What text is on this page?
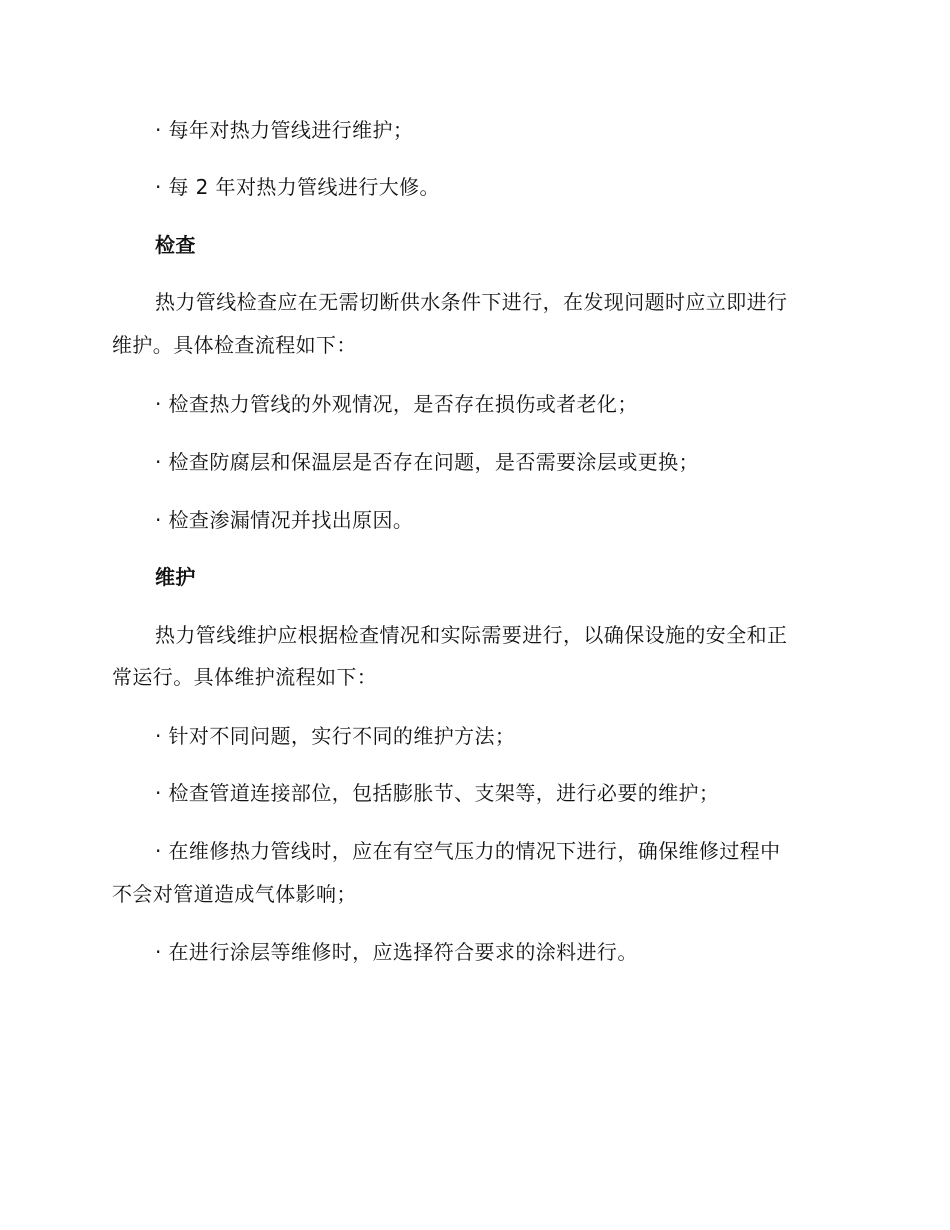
· 每年对热力管线进行维护；
· 每 2 年对热力管线进行大修。
检查
热力管线检查应在无需切断供水条件下进行，在发现问题时应立即进行
维护。具体检查流程如下：
· 检查热力管线的外观情况，是否存在损伤或者老化；
· 检查防腐层和保温层是否存在问题，是否需要涂层或更换；
· 检查渗漏情况并找出原因。
维护
热力管线维护应根据检查情况和实际需要进行，以确保设施的安全和正
常运行。具体维护流程如下：
· 针对不同问题，实行不同的维护方法；
· 检查管道连接部位，包括膨胀节、支架等，进行必要的维护；
· 在维修热力管线时，应在有空气压力的情况下进行，确保维修过程中
不会对管道造成气体影响；
· 在进行涂层等维修时，应选择符合要求的涂料进行。
